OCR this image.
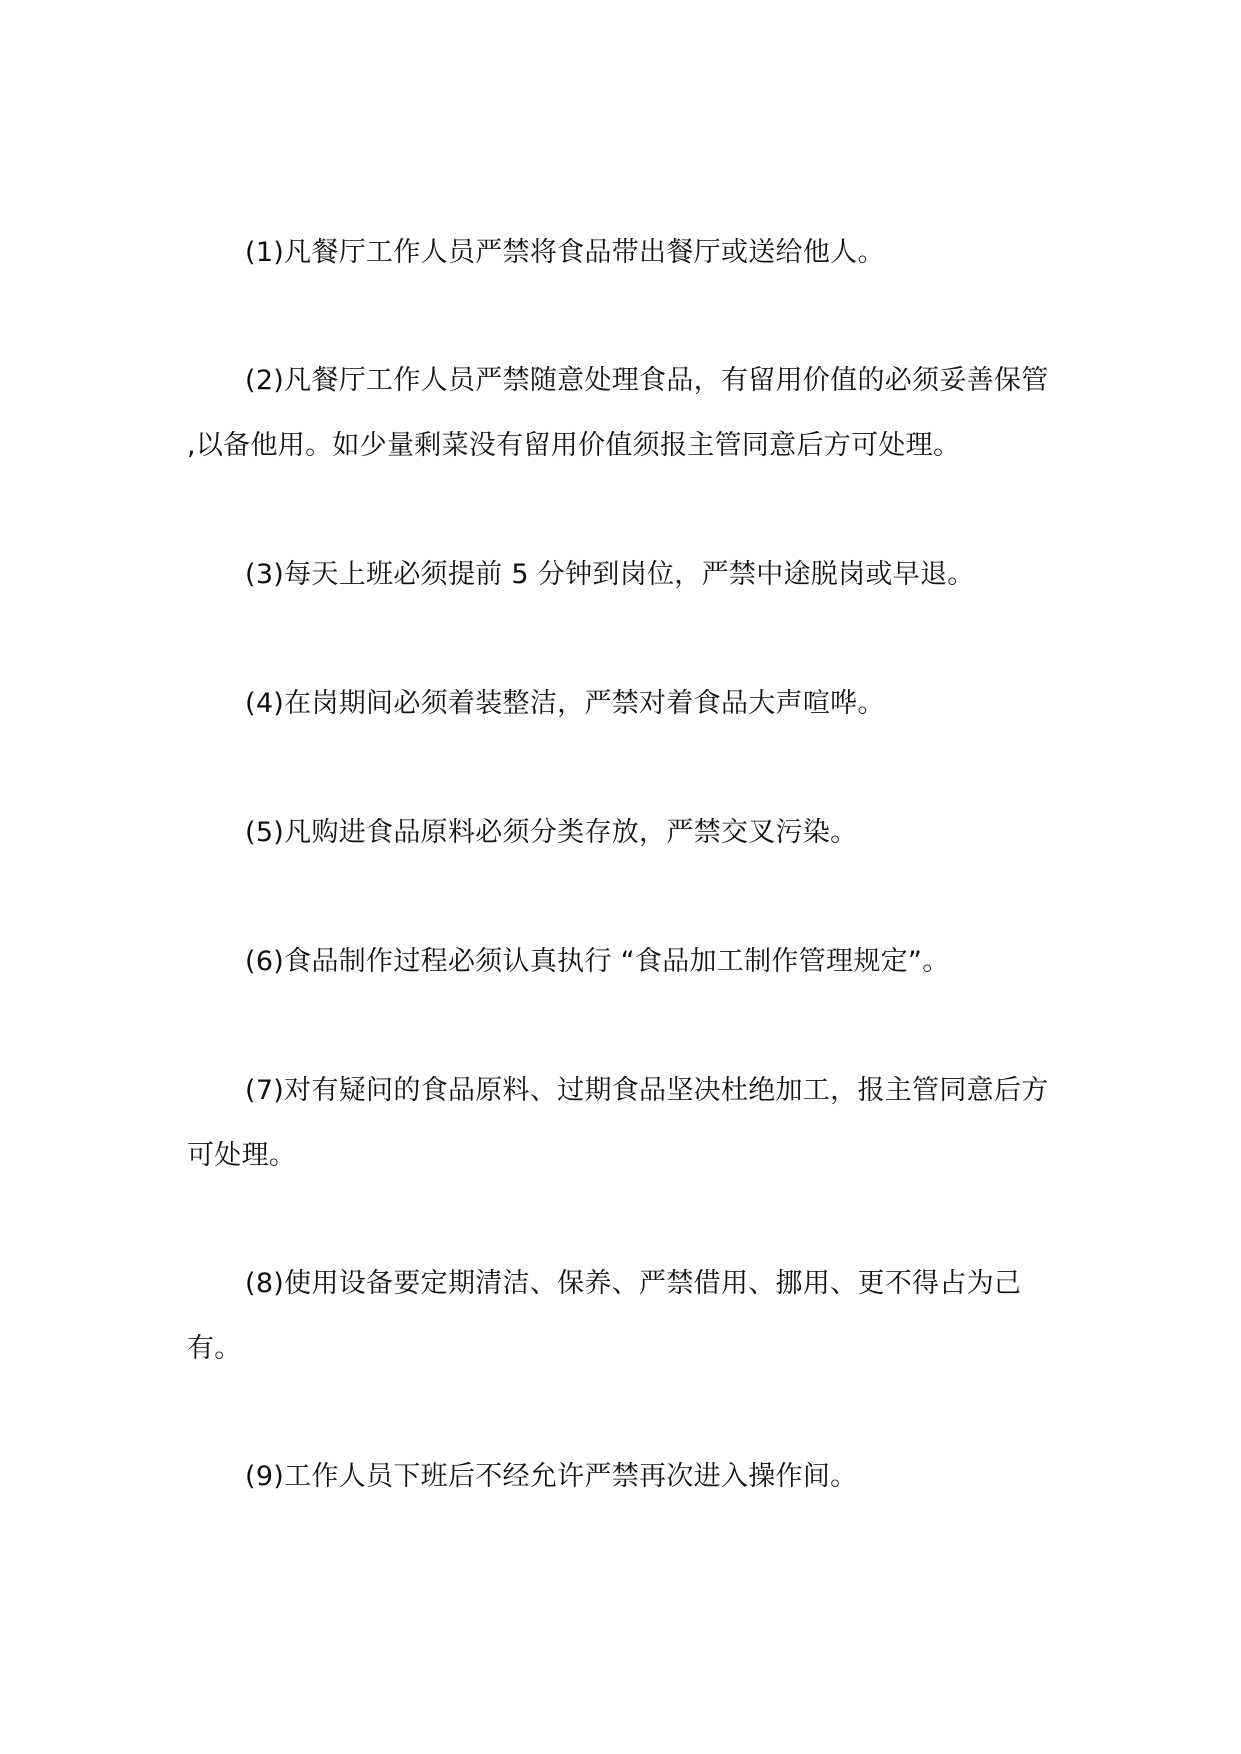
(1)凡餐厅工作人员严禁将食品带出餐厅或送给他人。

(2)凡餐厅工作人员严禁随意处理食品，有留用价值的必须妥善保管 ,以备他用。如少量剩菜没有留用价值须报主管同意后方可处理。

(3)每天上班必须提前 5 分钟到岗位，严禁中途脱岗或早退。

(4)在岗期间必须着装整洁，严禁对着食品大声喧哗。

(5)凡购进食品原料必须分类存放，严禁交叉污染。

(6)食品制作过程必须认真执行 “食品加工制作管理规定”。

(7)对有疑问的食品原料、过期食品坚决杜绝加工，报主管同意后方可处理。

(8)使用设备要定期清洁、保养、严禁借用、挪用、更不得占为己有。

(9)工作人员下班后不经允许严禁再次进入操作间。
